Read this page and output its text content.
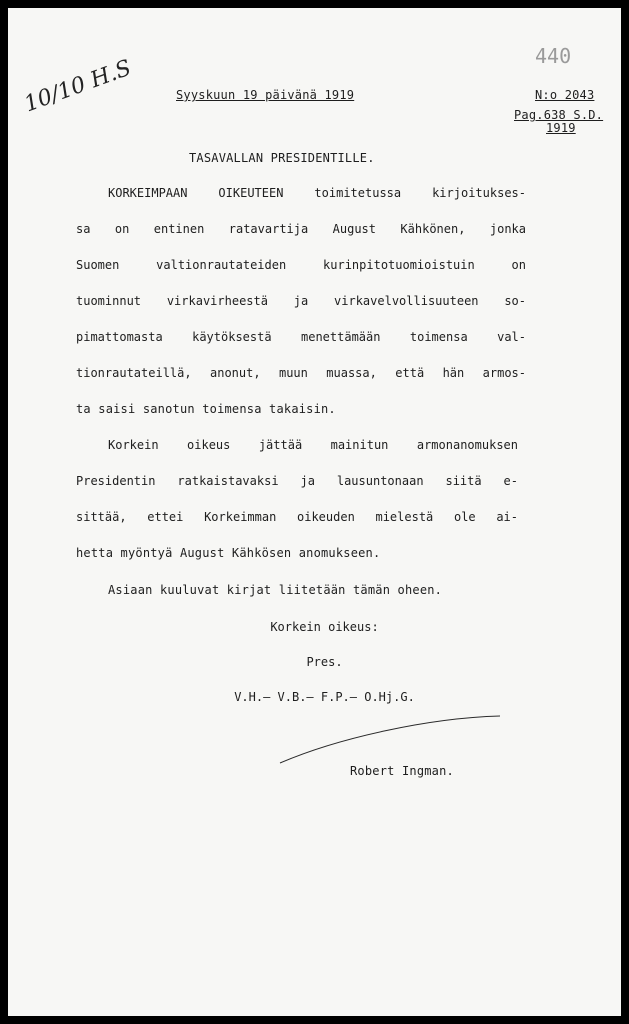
440
10/10 H.S	Syyskuun 19 päivänä 1919	N:o 2043
Pag.638 S.D.
1919
TASAVALLAN PRESIDENTILLE.
KORKEIMPAAN OIKEUTEEN toimitetussa kirjoitukses-
sa on entinen ratavartija August Kähkönen, jonka
Suomen valtionrautateiden kurinpitotuomioistuin on
tuominnut virkavirheestä ja virkavelvollisuuteen so-
pimattomasta käytöksestä menettämään toimensa val-
tionrautateillä, anonut, muun muassa, että hän armos-
ta saisi sanotun toimensa takaisin.
Korkein oikeus jättää mainitun armonanomuksen
Presidentin ratkaistavaksi ja lausuntonaan siitä e-
sittää, ettei Korkeimman oikeuden mielestä ole ai-
hetta myöntyä August Kähkösen anomukseen.
Asiaan kuuluvat kirjat liitetään tämän oheen.
Korkein oikeus:
Pres.
V.H.— V.B.— F.P.— O.Hj.G.
Robert Ingman.
